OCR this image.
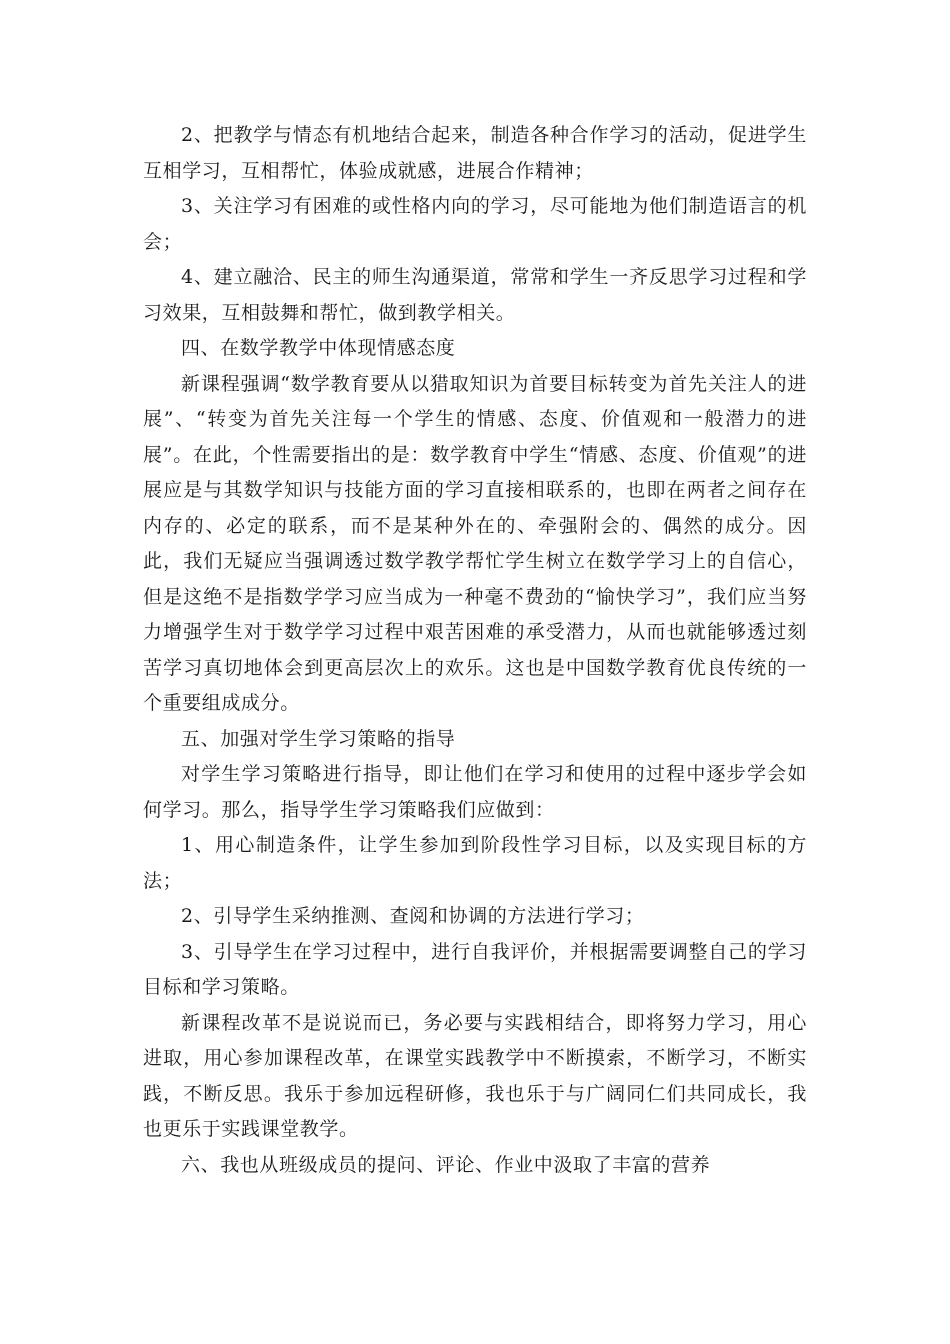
2、把教学与情态有机地结合起来，制造各种合作学习的活动，促进学生互相学习，互相帮忙，体验成就感，进展合作精神；

3、关注学习有困难的或性格内向的学习，尽可能地为他们制造语言的机会；

4、建立融洽、民主的师生沟通渠道，常常和学生一齐反思学习过程和学习效果，互相鼓舞和帮忙，做到教学相关。

四、在数学教学中体现情感态度

新课程强调“数学教育要从以猎取知识为首要目标转变为首先关注人的进展”、“转变为首先关注每一个学生的情感、态度、价值观和一般潜力的进展”。在此，个性需要指出的是：数学教育中学生“情感、态度、价值观”的进展应是与其数学知识与技能方面的学习直接相联系的，也即在两者之间存在内存的、必定的联系，而不是某种外在的、牵强附会的、偶然的成分。因此，我们无疑应当强调透过数学教学帮忙学生树立在数学学习上的自信心，但是这绝不是指数学学习应当成为一种毫不费劲的“愉快学习”，我们应当努力增强学生对于数学学习过程中艰苦困难的承受潜力，从而也就能够透过刻苦学习真切地体会到更高层次上的欢乐。这也是中国数学教育优良传统的一个重要组成成分。

五、加强对学生学习策略的指导

对学生学习策略进行指导，即让他们在学习和使用的过程中逐步学会如何学习。那么，指导学生学习策略我们应做到：

1、用心制造条件，让学生参加到阶段性学习目标，以及实现目标的方法；

2、引导学生采纳推测、查阅和协调的方法进行学习；

3、引导学生在学习过程中，进行自我评价，并根据需要调整自己的学习目标和学习策略。

新课程改革不是说说而已，务必要与实践相结合，即将努力学习，用心进取，用心参加课程改革，在课堂实践教学中不断摸索，不断学习，不断实践，不断反思。我乐于参加远程研修，我也乐于与广阔同仁们共同成长，我也更乐于实践课堂教学。

六、我也从班级成员的提问、评论、作业中汲取了丰富的营养
